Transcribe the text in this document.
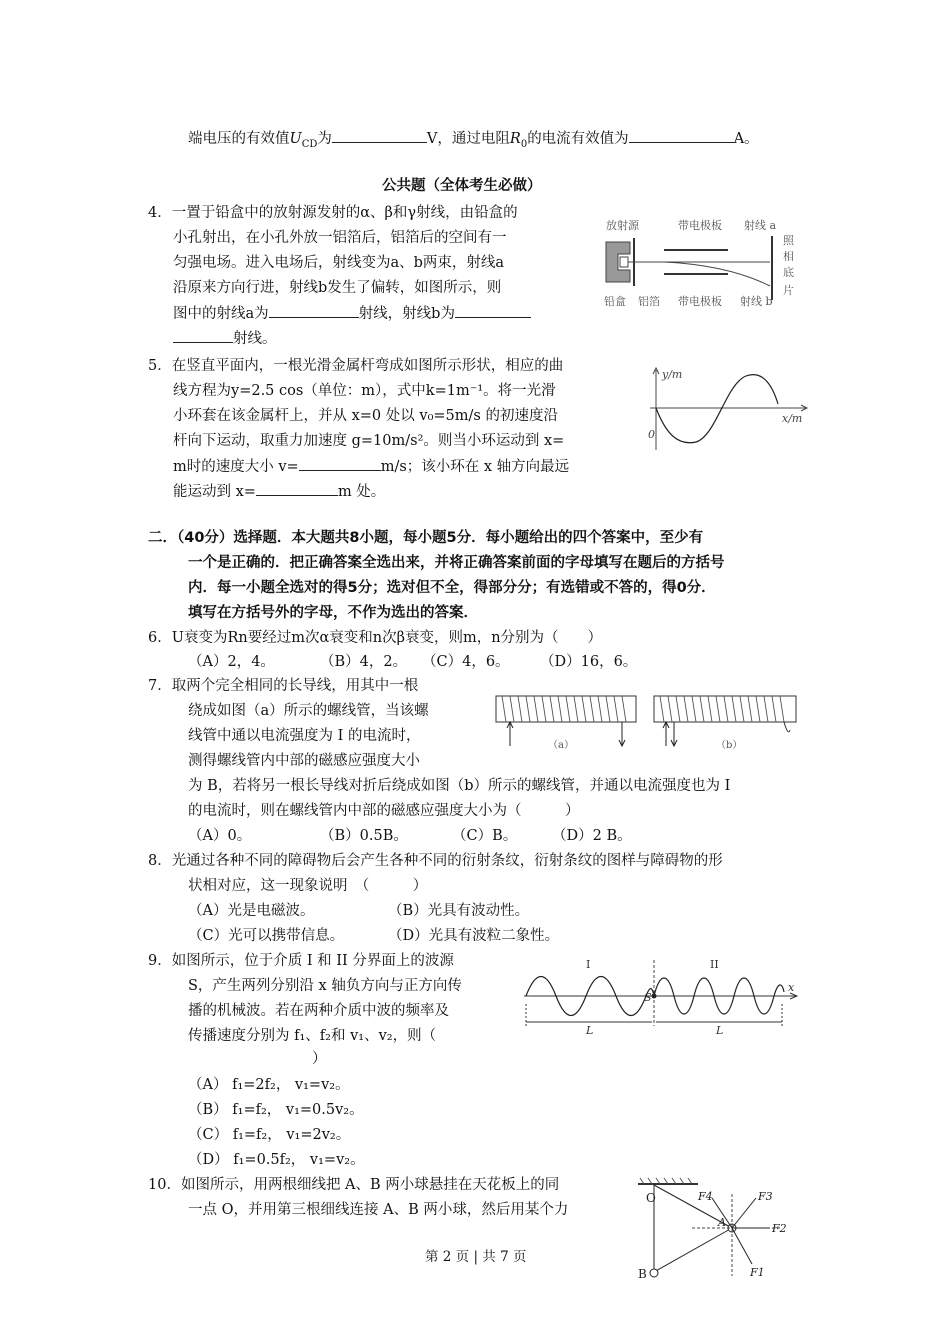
端电压的有效值$U_{CD}$为	V，通过电阻$R_0$的电流有效值为	A。
公共题（全体考生必做）
4．一置于铅盒中的放射源发射的α、β和γ射线，由铅盒的
小孔射出，在小孔外放一铝箔后，铝箔后的空间有一
匀强电场。进入电场后，射线变为a、b两束，射线a
沿原来方向行进，射线b发生了偏转，如图所示，则
图中的射线a为	射线，射线b为
射线。
放射源	带电极板 射线 a
照
相
底
片
铅盒 铝箔 带电极板 射线 b
5．在竖直平面内，一根光滑金属杆弯成如图所示形状，相应的曲
线方程为y=2.5 cos（单位：m），式中k=1m⁻¹。将一光滑
小环套在该金属杆上，并从 x=0 处以 v₀=5m/s 的初速度沿
杆向下运动，取重力加速度 g=10m/s²。则当小环运动到 x=
m时的速度大小 v=	m/s；该小环在 x 轴方向最远
能运动到 x=	m 处。
y/m
x/m
0
二．（40分）选择题．本大题共8小题，每小题5分．每小题给出的四个答案中，至少有
一个是正确的．把正确答案全选出来，并将正确答案前面的字母填写在题后的方括号
内．每一小题全选对的得5分；选对但不全，得部分分；有选错或不答的，得0分．
填写在方括号外的字母，不作为选出的答案．
6．U衰变为Rn要经过m次α衰变和n次β衰变，则m，n分别为（　　）
（A）2，4。	（B）4，2。 （C）4，6。 （D）16，6。
7．取两个完全相同的长导线，用其中一根
绕成如图（a）所示的螺线管，当该螺
线管中通以电流强度为 I 的电流时，
测得螺线管内中部的磁感应强度大小
为 B，若将另一根长导线对折后绕成如图（b）所示的螺线管，并通以电流强度也为 I
的电流时，则在螺线管内中部的磁感应强度大小为（　　　）
（A）0。	（B）0.5B。	（C）B。 （D）2 B。
（a）	（b）
8．光通过各种不同的障碍物后会产生各种不同的衍射条纹，衍射条纹的图样与障碍物的形
状相对应，这一现象说明　（　　　）
（A）光是电磁波。	（B）光具有波动性。
（C）光可以携带信息。	（D）光具有波粒二象性。
9．如图所示，位于介质 I 和 II 分界面上的波源
S，产生两列分别沿 x 轴负方向与正方向传
播的机械波。若在两种介质中波的频率及
传播速度分别为 f₁、f₂和 v₁、v₂，则（
）
（A） f₁=2f₂， v₁=v₂。
（B） f₁=f₂， v₁=0.5v₂。
（C） f₁=f₂， v₁=2v₂。
（D） f₁=0.5f₂， v₁=v₂。
x
I	II
S
L	L
10．如图所示，用两根细线把 A、B 两小球悬挂在天花板上的同
一点 O，并用第三根细线连接 A、B 两小球，然后用某个力
O
B
A
F1
F2
F3
F4
第 2 页 | 共 7 页
